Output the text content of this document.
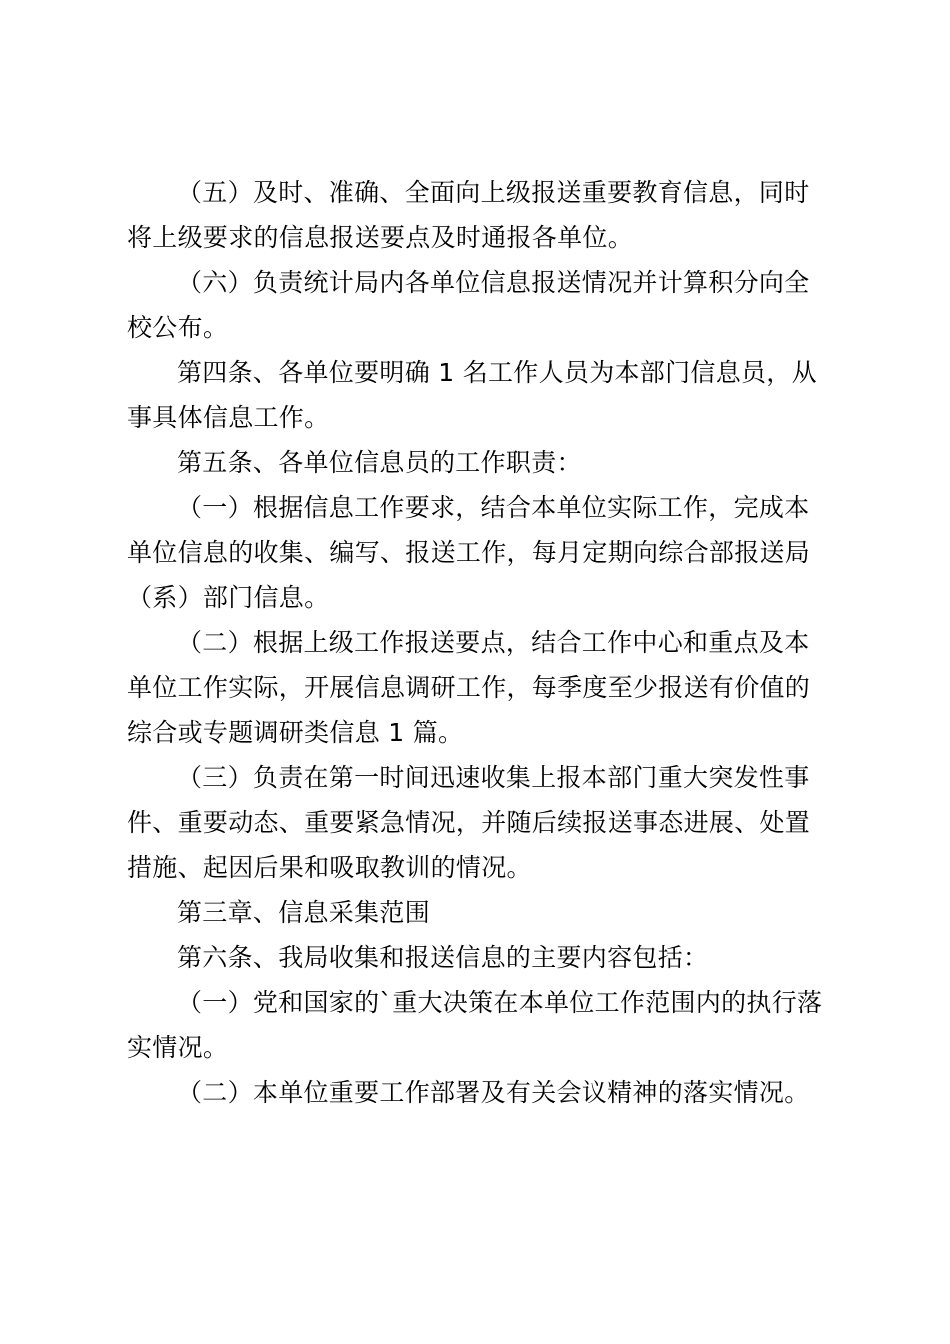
（五）及时、准确、全面向上级报送重要教育信息，同时
将上级要求的信息报送要点及时通报各单位。

（六）负责统计局内各单位信息报送情况并计算积分向全
校公布。

第四条、各单位要明确 1 名工作人员为本部门信息员，从
事具体信息工作。

第五条、各单位信息员的工作职责：

（一）根据信息工作要求，结合本单位实际工作，完成本
单位信息的收集、编写、报送工作，每月定期向综合部报送局
（系）部门信息。

（二）根据上级工作报送要点，结合工作中心和重点及本
单位工作实际，开展信息调研工作，每季度至少报送有价值的
综合或专题调研类信息 1 篇。

（三）负责在第一时间迅速收集上报本部门重大突发性事
件、重要动态、重要紧急情况，并随后续报送事态进展、处置
措施、起因后果和吸取教训的情况。

第三章、信息采集范围

第六条、我局收集和报送信息的主要内容包括：

（一）党和国家的`重大决策在本单位工作范围内的执行落
实情况。

（二）本单位重要工作部署及有关会议精神的落实情况。
